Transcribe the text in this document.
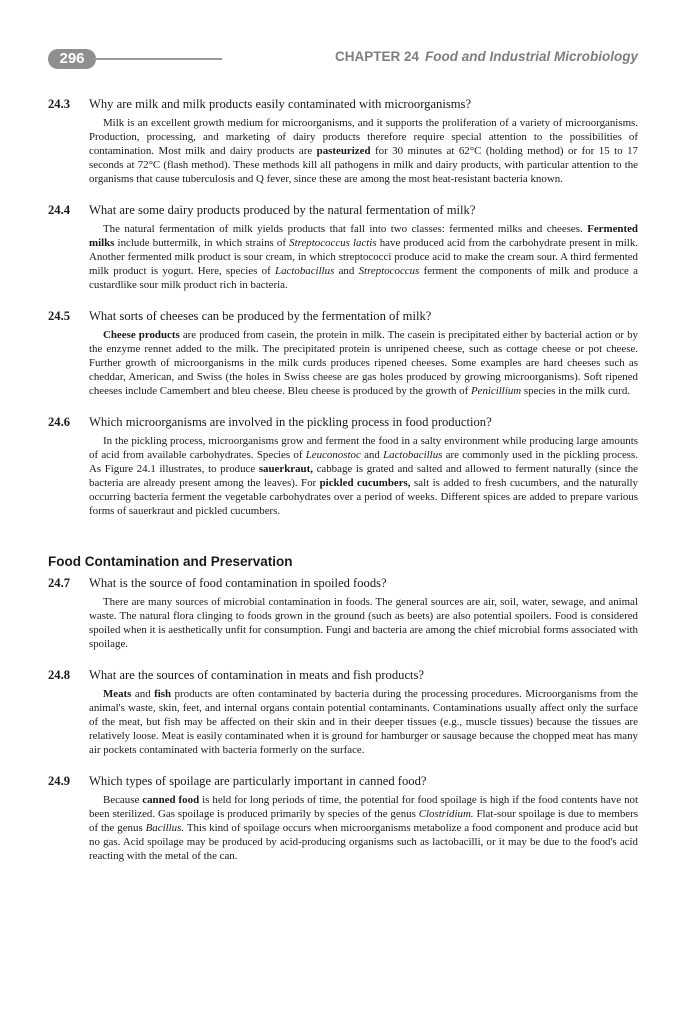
296	CHAPTER 24 Food and Industrial Microbiology
24.3	Why are milk and milk products easily contaminated with microorganisms?
Milk is an excellent growth medium for microorganisms, and it supports the proliferation of a variety of microorganisms. Production, processing, and marketing of dairy products therefore require special attention to the possibilities of contamination. Most milk and dairy products are pasteurized for 30 minutes at 62°C (holding method) or for 15 to 17 seconds at 72°C (flash method). These methods kill all pathogens in milk and dairy products, with particular attention to the organisms that cause tuberculosis and Q fever, since these are among the most heat-resistant bacteria known.
24.4	What are some dairy products produced by the natural fermentation of milk?
The natural fermentation of milk yields products that fall into two classes: fermented milks and cheeses. Fermented milks include buttermilk, in which strains of Streptococcus lactis have produced acid from the carbohydrate present in milk. Another fermented milk product is sour cream, in which streptococci produce acid to make the cream sour. A third fermented milk product is yogurt. Here, species of Lactobacillus and Streptococcus ferment the components of milk and produce a custardlike sour milk product rich in bacteria.
24.5	What sorts of cheeses can be produced by the fermentation of milk?
Cheese products are produced from casein, the protein in milk. The casein is precipitated either by bacterial action or by the enzyme rennet added to the milk. The precipitated protein is unripened cheese, such as cottage cheese or pot cheese. Further growth of microorganisms in the milk curds produces ripened cheeses. Some examples are hard cheeses such as cheddar, American, and Swiss (the holes in Swiss cheese are gas holes produced by growing microorganisms). Soft ripened cheeses include Camembert and bleu cheese. Bleu cheese is produced by the growth of Penicillium species in the milk curd.
24.6	Which microorganisms are involved in the pickling process in food production?
In the pickling process, microorganisms grow and ferment the food in a salty environment while producing large amounts of acid from available carbohydrates. Species of Leuconostoc and Lactobacillus are commonly used in the pickling process. As Figure 24.1 illustrates, to produce sauerkraut, cabbage is grated and salted and allowed to ferment naturally (since the bacteria are already present among the leaves). For pickled cucumbers, salt is added to fresh cucumbers, and the naturally occurring bacteria ferment the vegetable carbohydrates over a period of weeks. Different spices are added to prepare various forms of sauerkraut and pickled cucumbers.
Food Contamination and Preservation
24.7	What is the source of food contamination in spoiled foods?
There are many sources of microbial contamination in foods. The general sources are air, soil, water, sewage, and animal waste. The natural flora clinging to foods grown in the ground (such as beets) are also potential spoilers. Food is considered spoiled when it is aesthetically unfit for consumption. Fungi and bacteria are among the chief microbial forms associated with spoilage.
24.8	What are the sources of contamination in meats and fish products?
Meats and fish products are often contaminated by bacteria during the processing procedures. Microorganisms from the animal's waste, skin, feet, and internal organs contain potential contaminants. Contaminations usually affect only the surface of the meat, but fish may be affected on their skin and in their deeper tissues (e.g., muscle tissues) because the tissues are relatively loose. Meat is easily contaminated when it is ground for hamburger or sausage because the chopped meat has many air pockets contaminated with bacteria formerly on the surface.
24.9	Which types of spoilage are particularly important in canned food?
Because canned food is held for long periods of time, the potential for food spoilage is high if the food contents have not been sterilized. Gas spoilage is produced primarily by species of the genus Clostridium. Flat-sour spoilage is due to members of the genus Bacillus. This kind of spoilage occurs when microorganisms metabolize a food component and produce acid but no gas. Acid spoilage may be produced by acid-producing organisms such as lactobacilli, or it may be due to the food's acid reacting with the metal of the can.
